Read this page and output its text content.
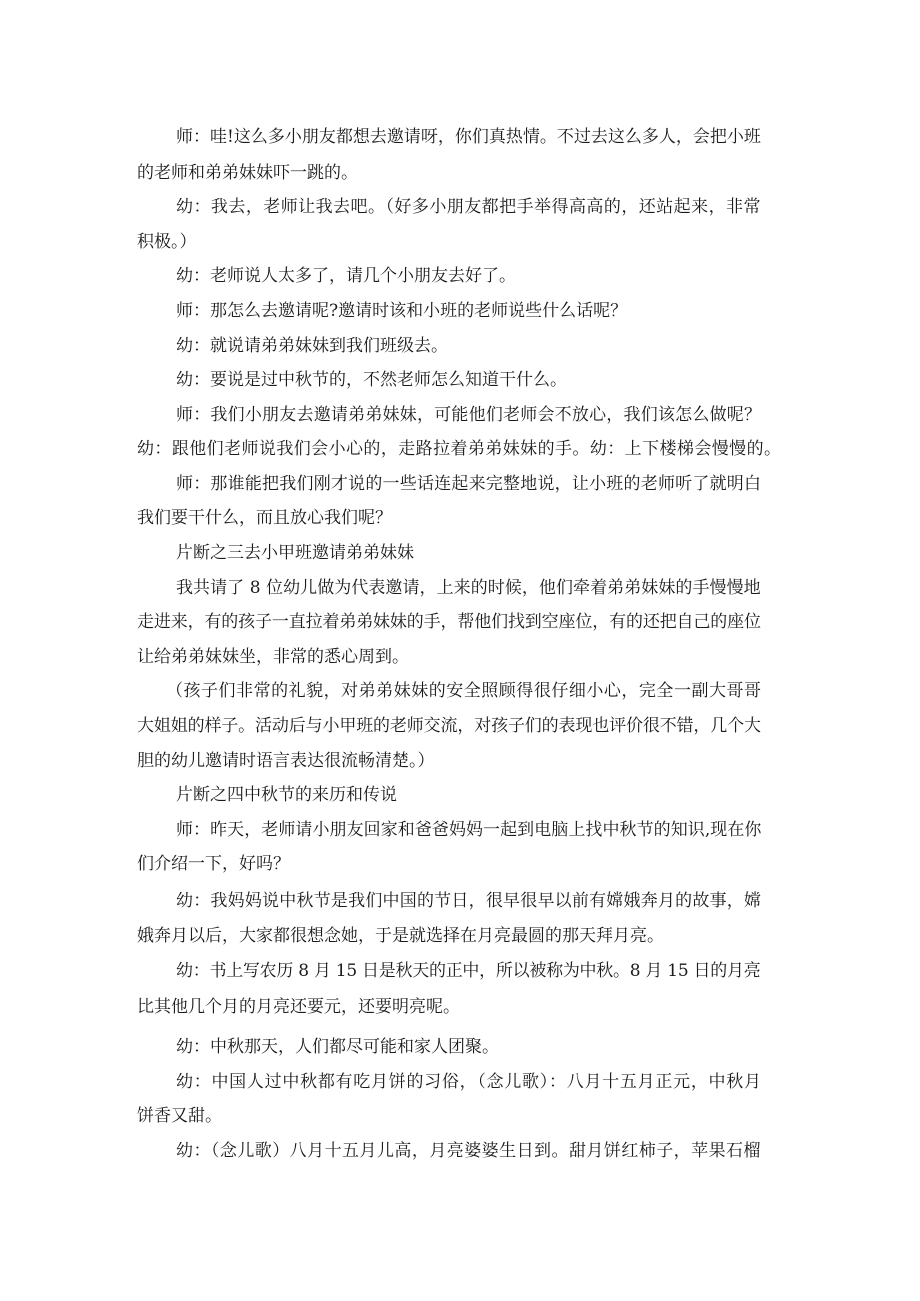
师：哇!这么多小朋友都想去邀请呀，你们真热情。不过去这么多人，会把小班
的老师和弟弟妹妹吓一跳的。
幼：我去，老师让我去吧。（好多小朋友都把手举得高高的，还站起来，非常
积极。）
幼：老师说人太多了，请几个小朋友去好了。
师：那怎么去邀请呢?邀请时该和小班的老师说些什么话呢？
幼：就说请弟弟妹妹到我们班级去。
幼：要说是过中秋节的，不然老师怎么知道干什么。
师：我们小朋友去邀请弟弟妹妹，可能他们老师会不放心，我们该怎么做呢？
幼：跟他们老师说我们会小心的，走路拉着弟弟妹妹的手。幼：上下楼梯会慢慢的。
师：那谁能把我们刚才说的一些话连起来完整地说，让小班的老师听了就明白
我们要干什么，而且放心我们呢？
片断之三去小甲班邀请弟弟妹妹
我共请了 8 位幼儿做为代表邀请，上来的时候，他们牵着弟弟妹妹的手慢慢地
走进来，有的孩子一直拉着弟弟妹妹的手，帮他们找到空座位，有的还把自己的座位
让给弟弟妹妹坐，非常的悉心周到。
（孩子们非常的礼貌，对弟弟妹妹的安全照顾得很仔细小心，完全一副大哥哥
大姐姐的样子。活动后与小甲班的老师交流，对孩子们的表现也评价很不错，几个大
胆的幼儿邀请时语言表达很流畅清楚。）
片断之四中秋节的来历和传说
师：昨天，老师请小朋友回家和爸爸妈妈一起到电脑上找中秋节的知识,现在你
们介绍一下，好吗？
幼：我妈妈说中秋节是我们中国的节日，很早很早以前有嫦娥奔月的故事，嫦
娥奔月以后，大家都很想念她，于是就选择在月亮最圆的那天拜月亮。
幼：书上写农历 8 月 15 日是秋天的正中，所以被称为中秋。8 月 15 日的月亮
比其他几个月的月亮还要元，还要明亮呢。
幼：中秋那天，人们都尽可能和家人团聚。
幼：中国人过中秋都有吃月饼的习俗，（念儿歌）：八月十五月正元，中秋月
饼香又甜。
幼：（念儿歌）八月十五月儿高，月亮婆婆生日到。甜月饼红柿子，苹果石榴
